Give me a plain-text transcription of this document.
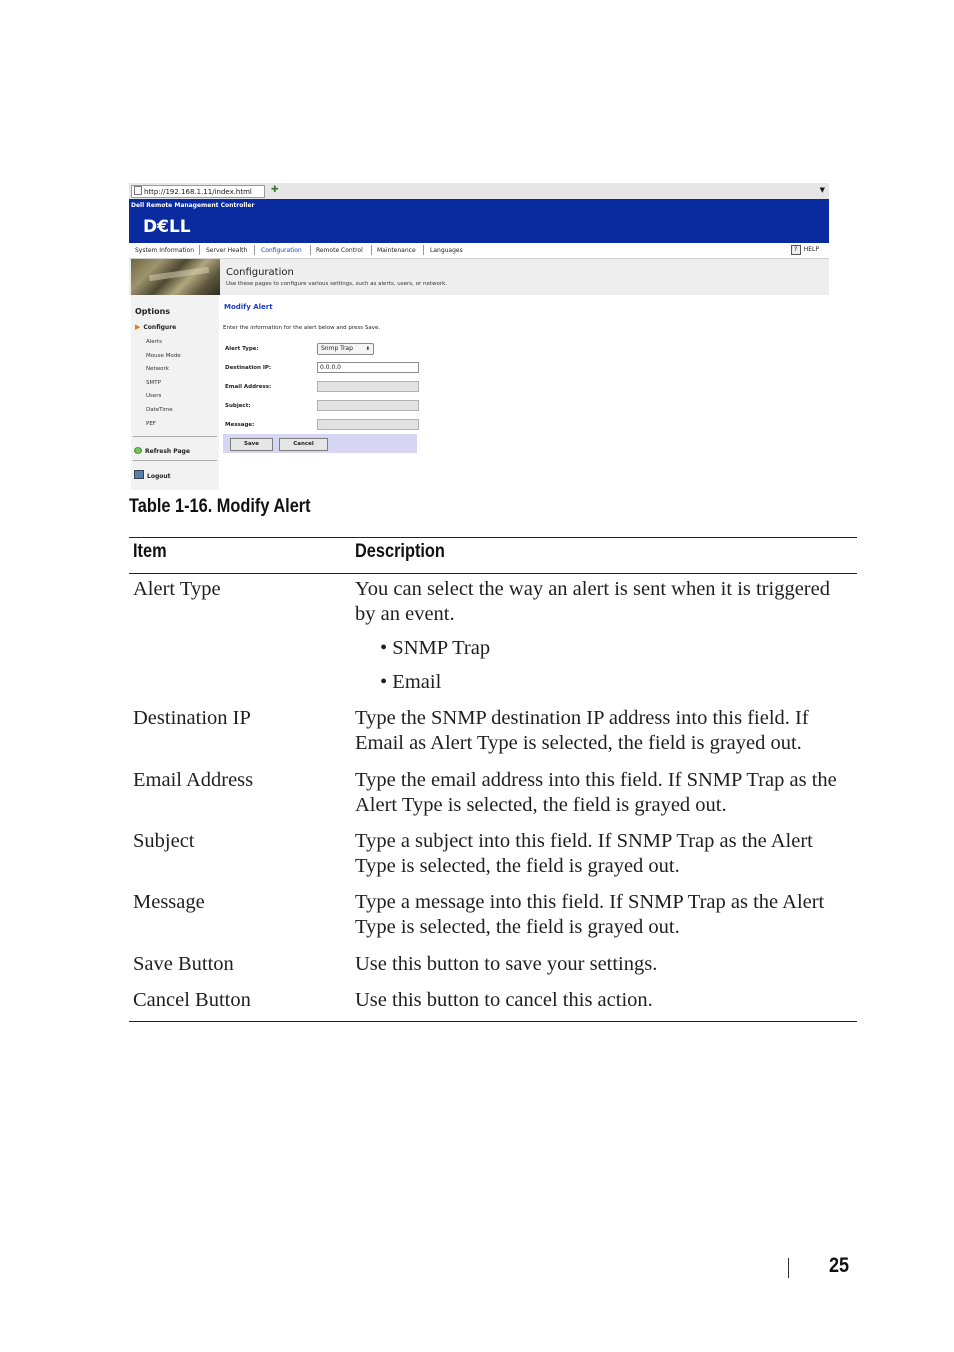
http://192.168.1.11/index.html	✚	▼
Dell Remote Management Controller
D€LL
System Information Server Health Configuration Remote Control Maintenance Languages	? HELP
Configuration
Use these pages to configure various settings, such as alerts, users, or network.
Options
▶ Configure
Alerts
Mouse Mode
Network
SMTP
Users
DateTime
PEF
Refresh Page
Logout
Modify Alert
Enter the information for the alert below and press Save.
Alert Type:	Snmp Trap	⬍
Destination IP:	0.0.0.0
Email Address:
Subject:
Message:
Save	Cancel
Table 1-16. Modify Alert
Item	Description
Alert Type	You can select the way an alert is sent when it is triggered
by an event.
• SNMP Trap
• Email
Destination IP	Type the SNMP destination IP address into this field. If
Email as Alert Type is selected, the field is grayed out.
Email Address	Type the email address into this field. If SNMP Trap as the
Alert Type is selected, the field is grayed out.
Subject	Type a subject into this field. If SNMP Trap as the Alert
Type is selected, the field is grayed out.
Message	Type a message into this field. If SNMP Trap as the Alert
Type is selected, the field is grayed out.
Save Button	Use this button to save your settings.
Cancel Button	Use this button to cancel this action.
25
